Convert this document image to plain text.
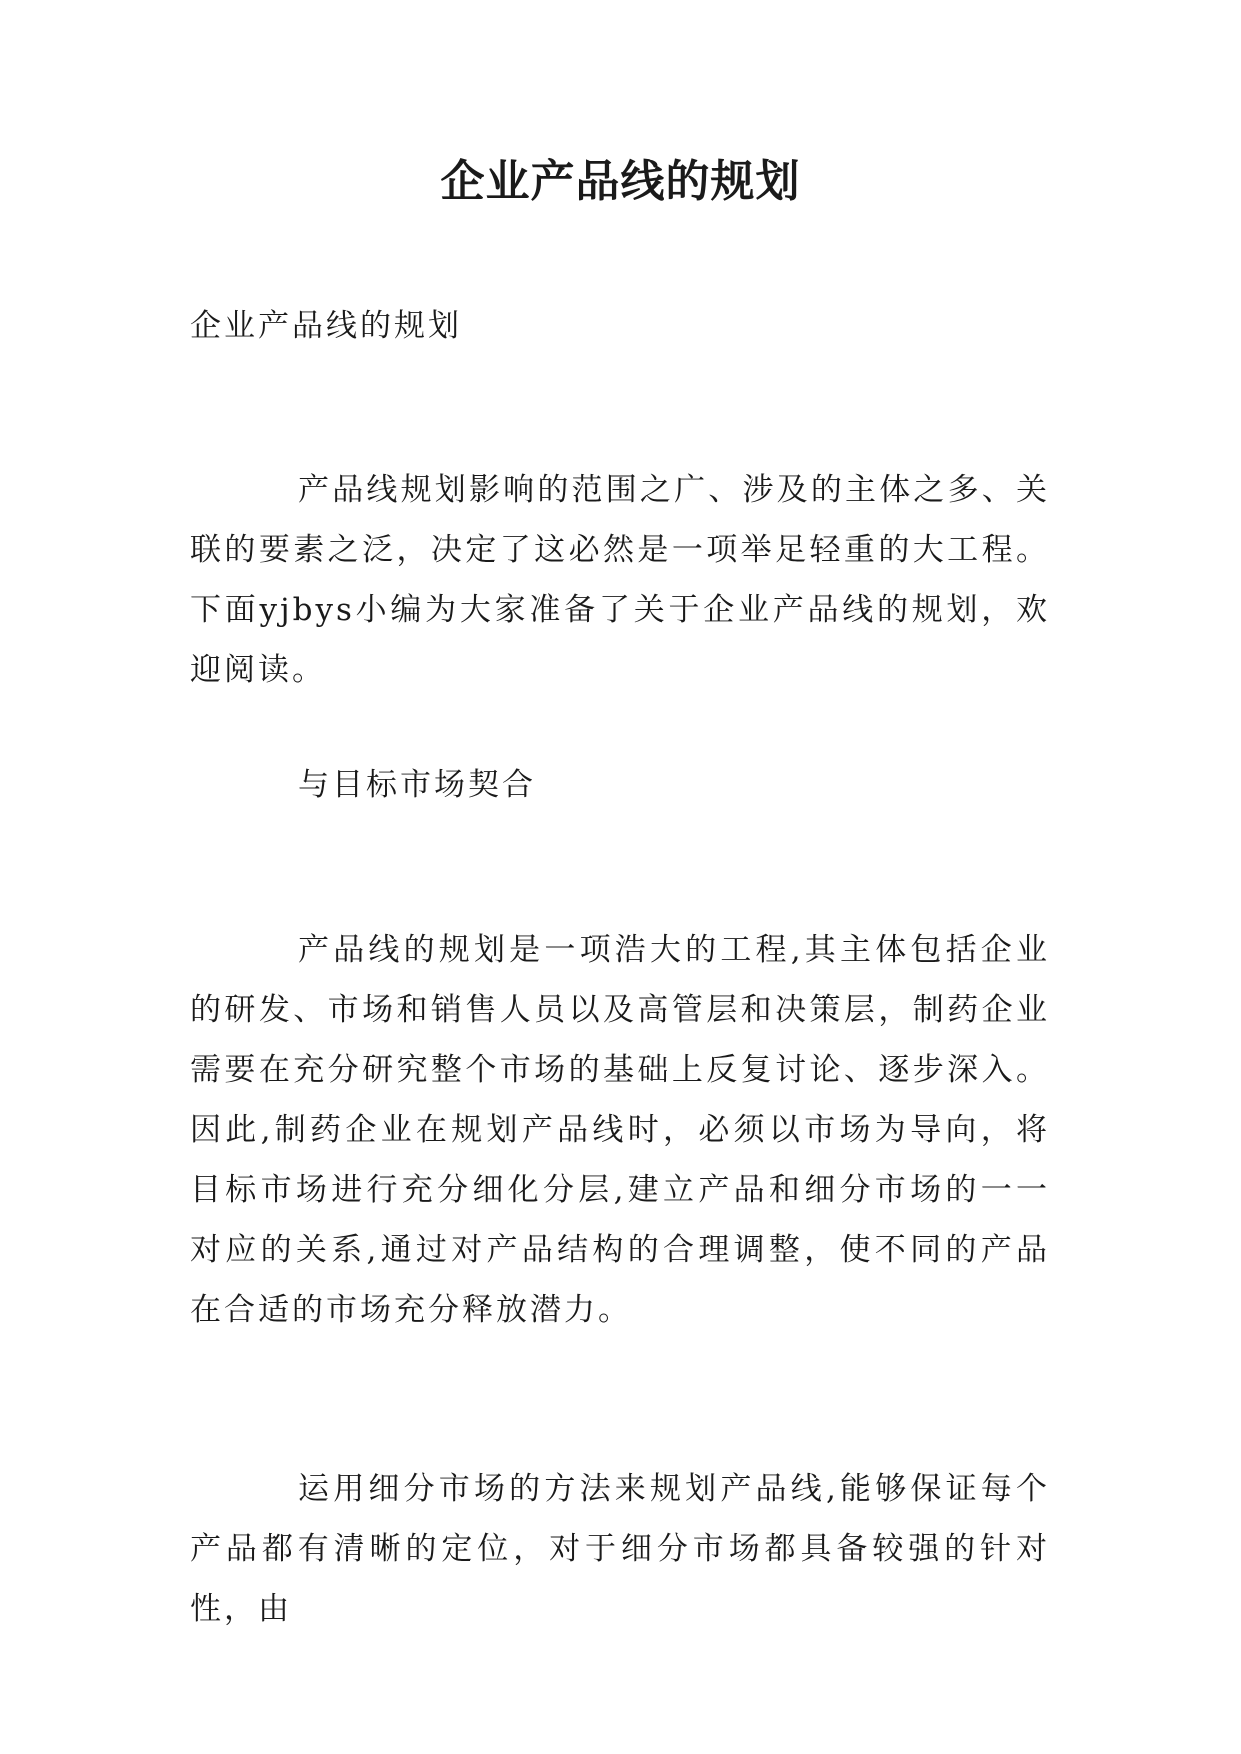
企业产品线的规划

企业产品线的规划

产品线规划影响的范围之广、涉及的主体之多、关联的要素之泛，决定了这必然是一项举足轻重的大工程。下面yjbys小编为大家准备了关于企业产品线的规划，欢迎阅读。

与目标市场契合

产品线的规划是一项浩大的工程,其主体包括企业的研发、市场和销售人员以及高管层和决策层，制药企业需要在充分研究整个市场的基础上反复讨论、逐步深入。因此,制药企业在规划产品线时，必须以市场为导向，将目标市场进行充分细化分层,建立产品和细分市场的一一对应的关系,通过对产品结构的合理调整，使不同的产品在合适的市场充分释放潜力。

运用细分市场的方法来规划产品线,能够保证每个产品都有清晰的定位，对于细分市场都具备较强的针对性，由
